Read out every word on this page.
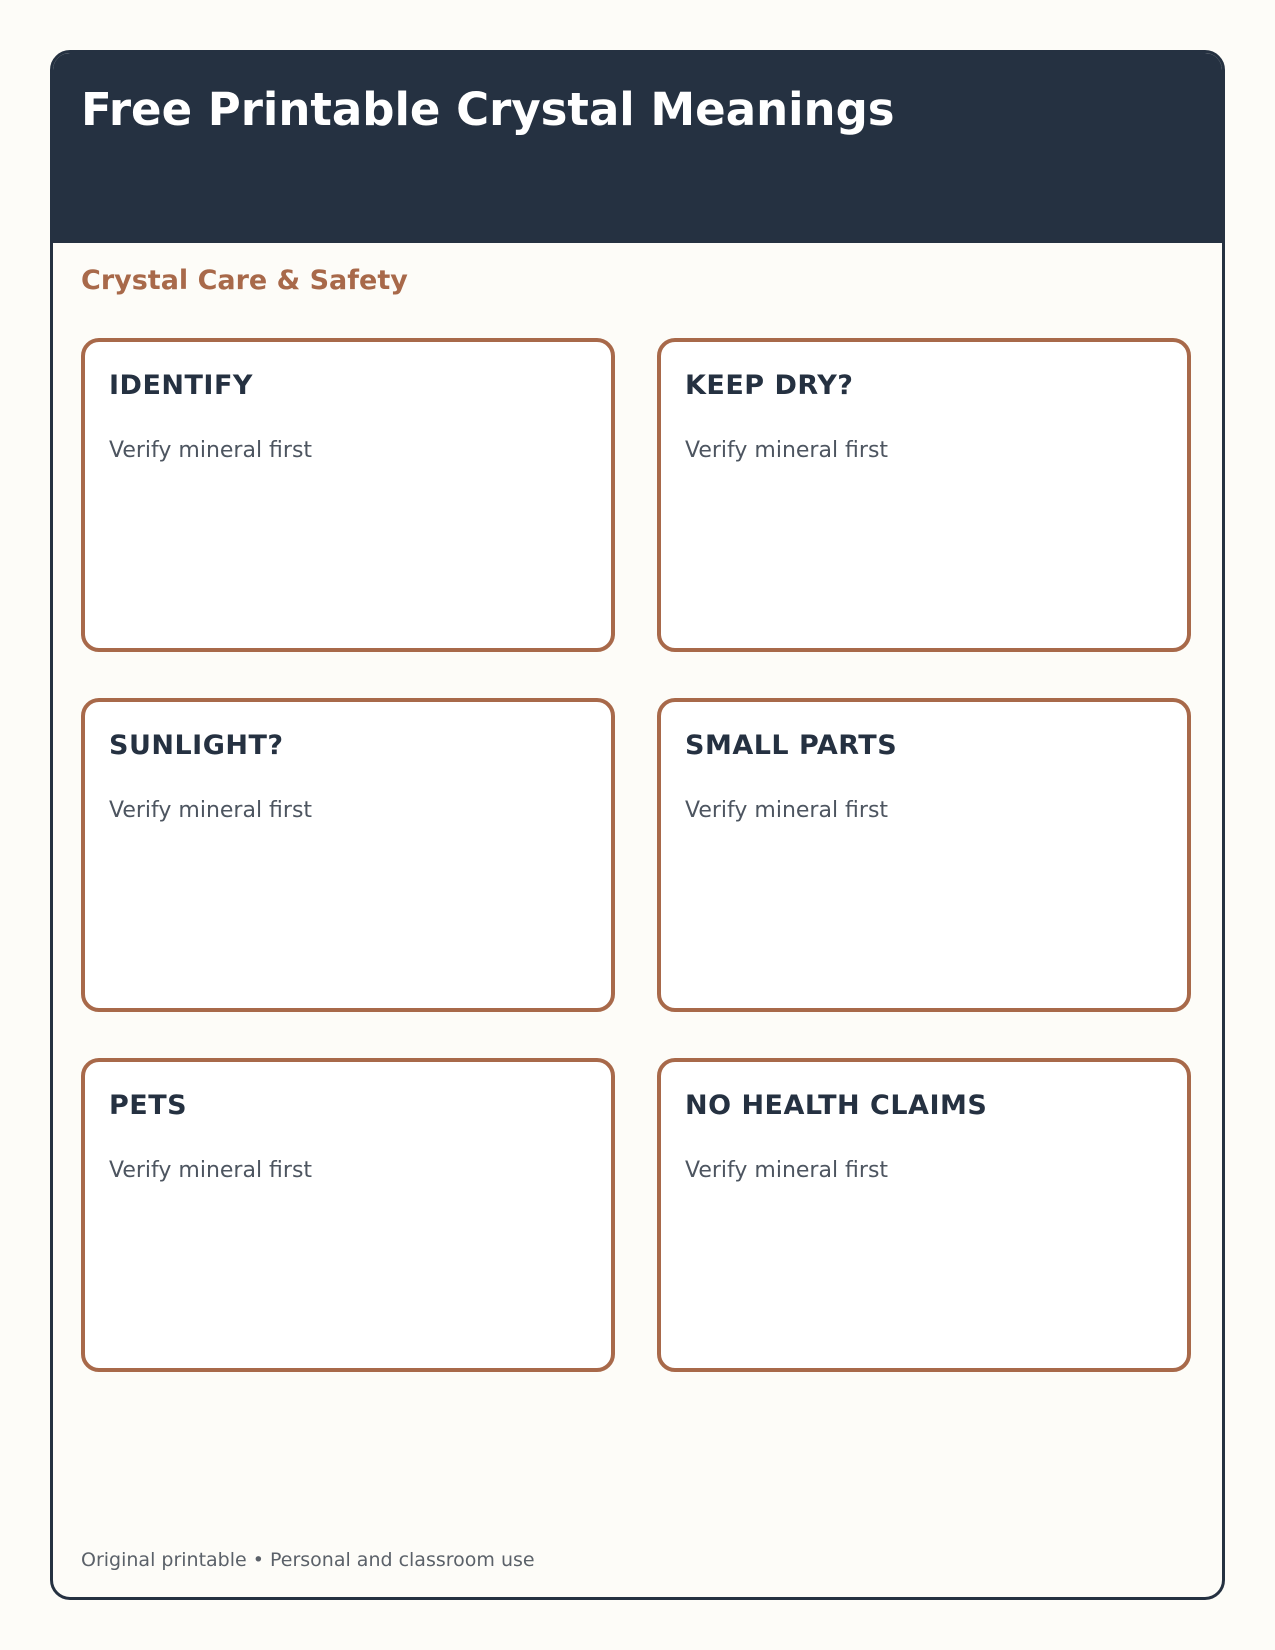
Free Printable Crystal Meanings
Crystal Care & Safety
IDENTIFY
Verify mineral first
KEEP DRY?
Verify mineral first
SUNLIGHT?
Verify mineral first
SMALL PARTS
Verify mineral first
PETS
Verify mineral first
NO HEALTH CLAIMS
Verify mineral first
Original printable • Personal and classroom use
